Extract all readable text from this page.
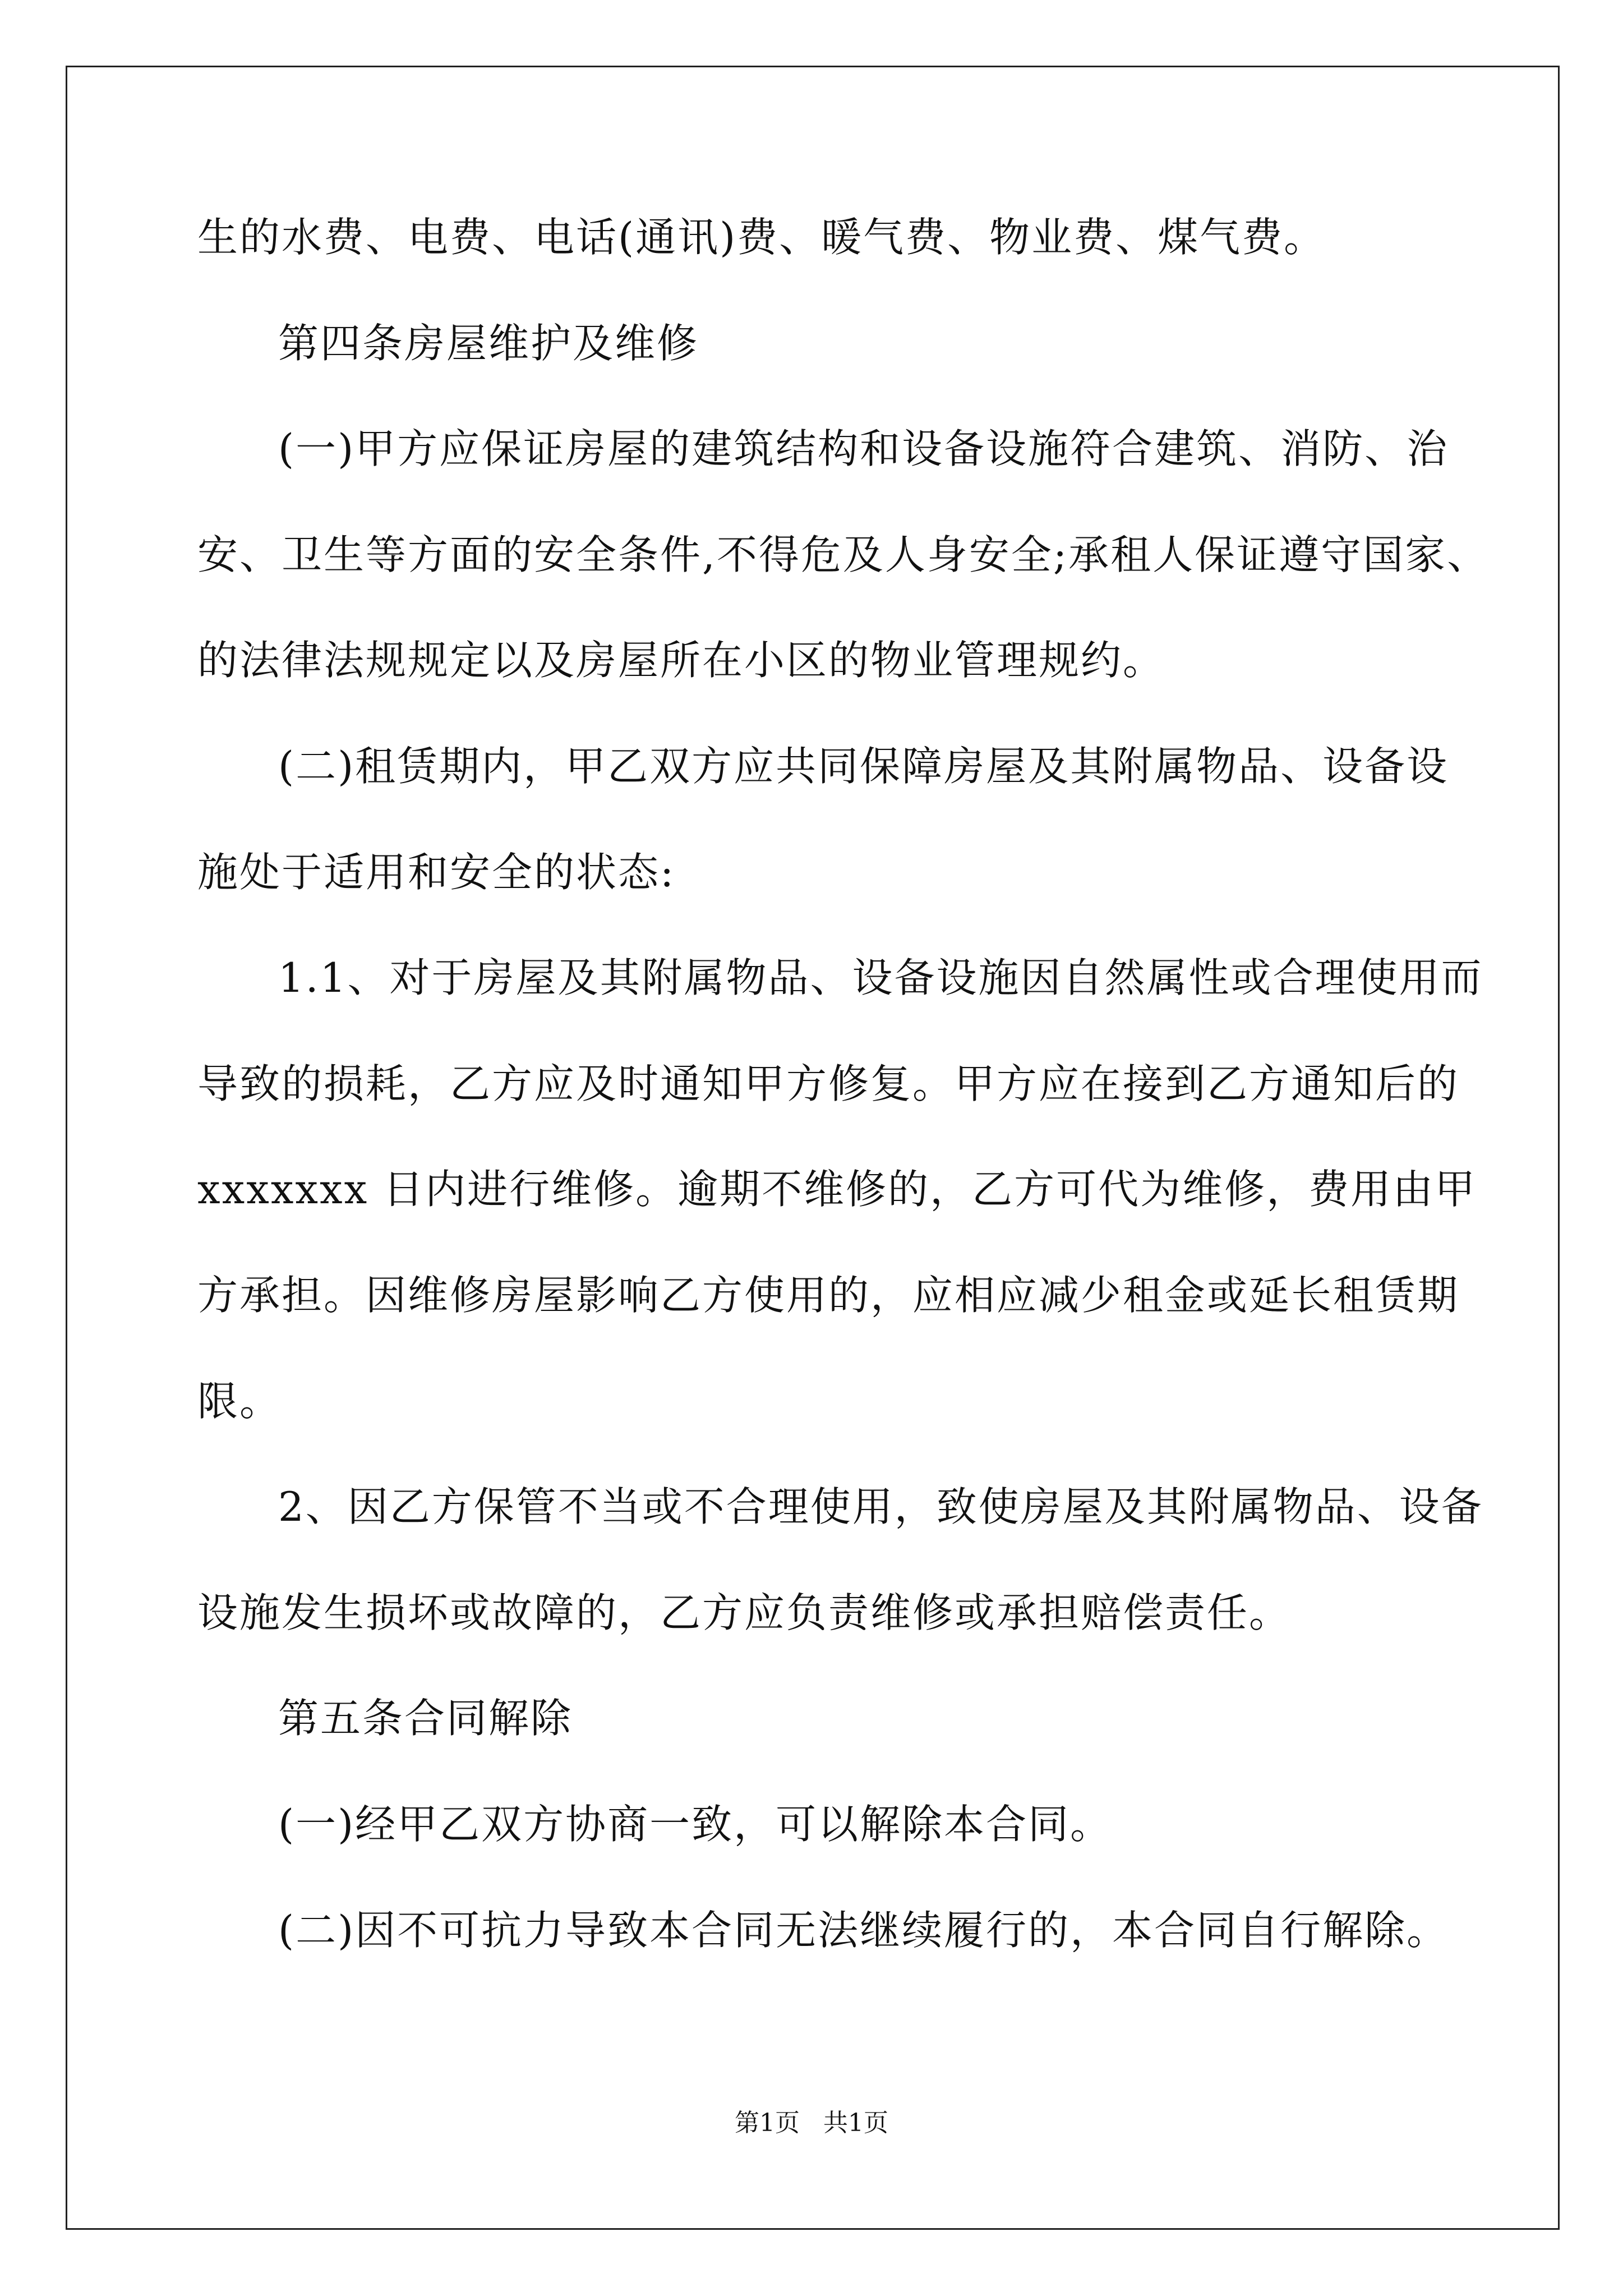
生的水费、电费、电话(通讯)费、暖气费、物业费、煤气费。
第四条房屋维护及维修
(一)甲方应保证房屋的建筑结构和设备设施符合建筑、消防、治
安、卫生等方面的安全条件,不得危及人身安全;承租人保证遵守国家、
的法律法规规定以及房屋所在小区的物业管理规约。
(二)租赁期内，甲乙双方应共同保障房屋及其附属物品、设备设
施处于适用和安全的状态:
1.1、对于房屋及其附属物品、设备设施因自然属性或合理使用而
导致的损耗，乙方应及时通知甲方修复。甲方应在接到乙方通知后的
xxxxxxx 日内进行维修。逾期不维修的，乙方可代为维修，费用由甲
方承担。因维修房屋影响乙方使用的，应相应减少租金或延长租赁期
限。
2、因乙方保管不当或不合理使用，致使房屋及其附属物品、设备
设施发生损坏或故障的，乙方应负责维修或承担赔偿责任。
第五条合同解除
(一)经甲乙双方协商一致，可以解除本合同。
(二)因不可抗力导致本合同无法继续履行的，本合同自行解除。
第1页   共1页
